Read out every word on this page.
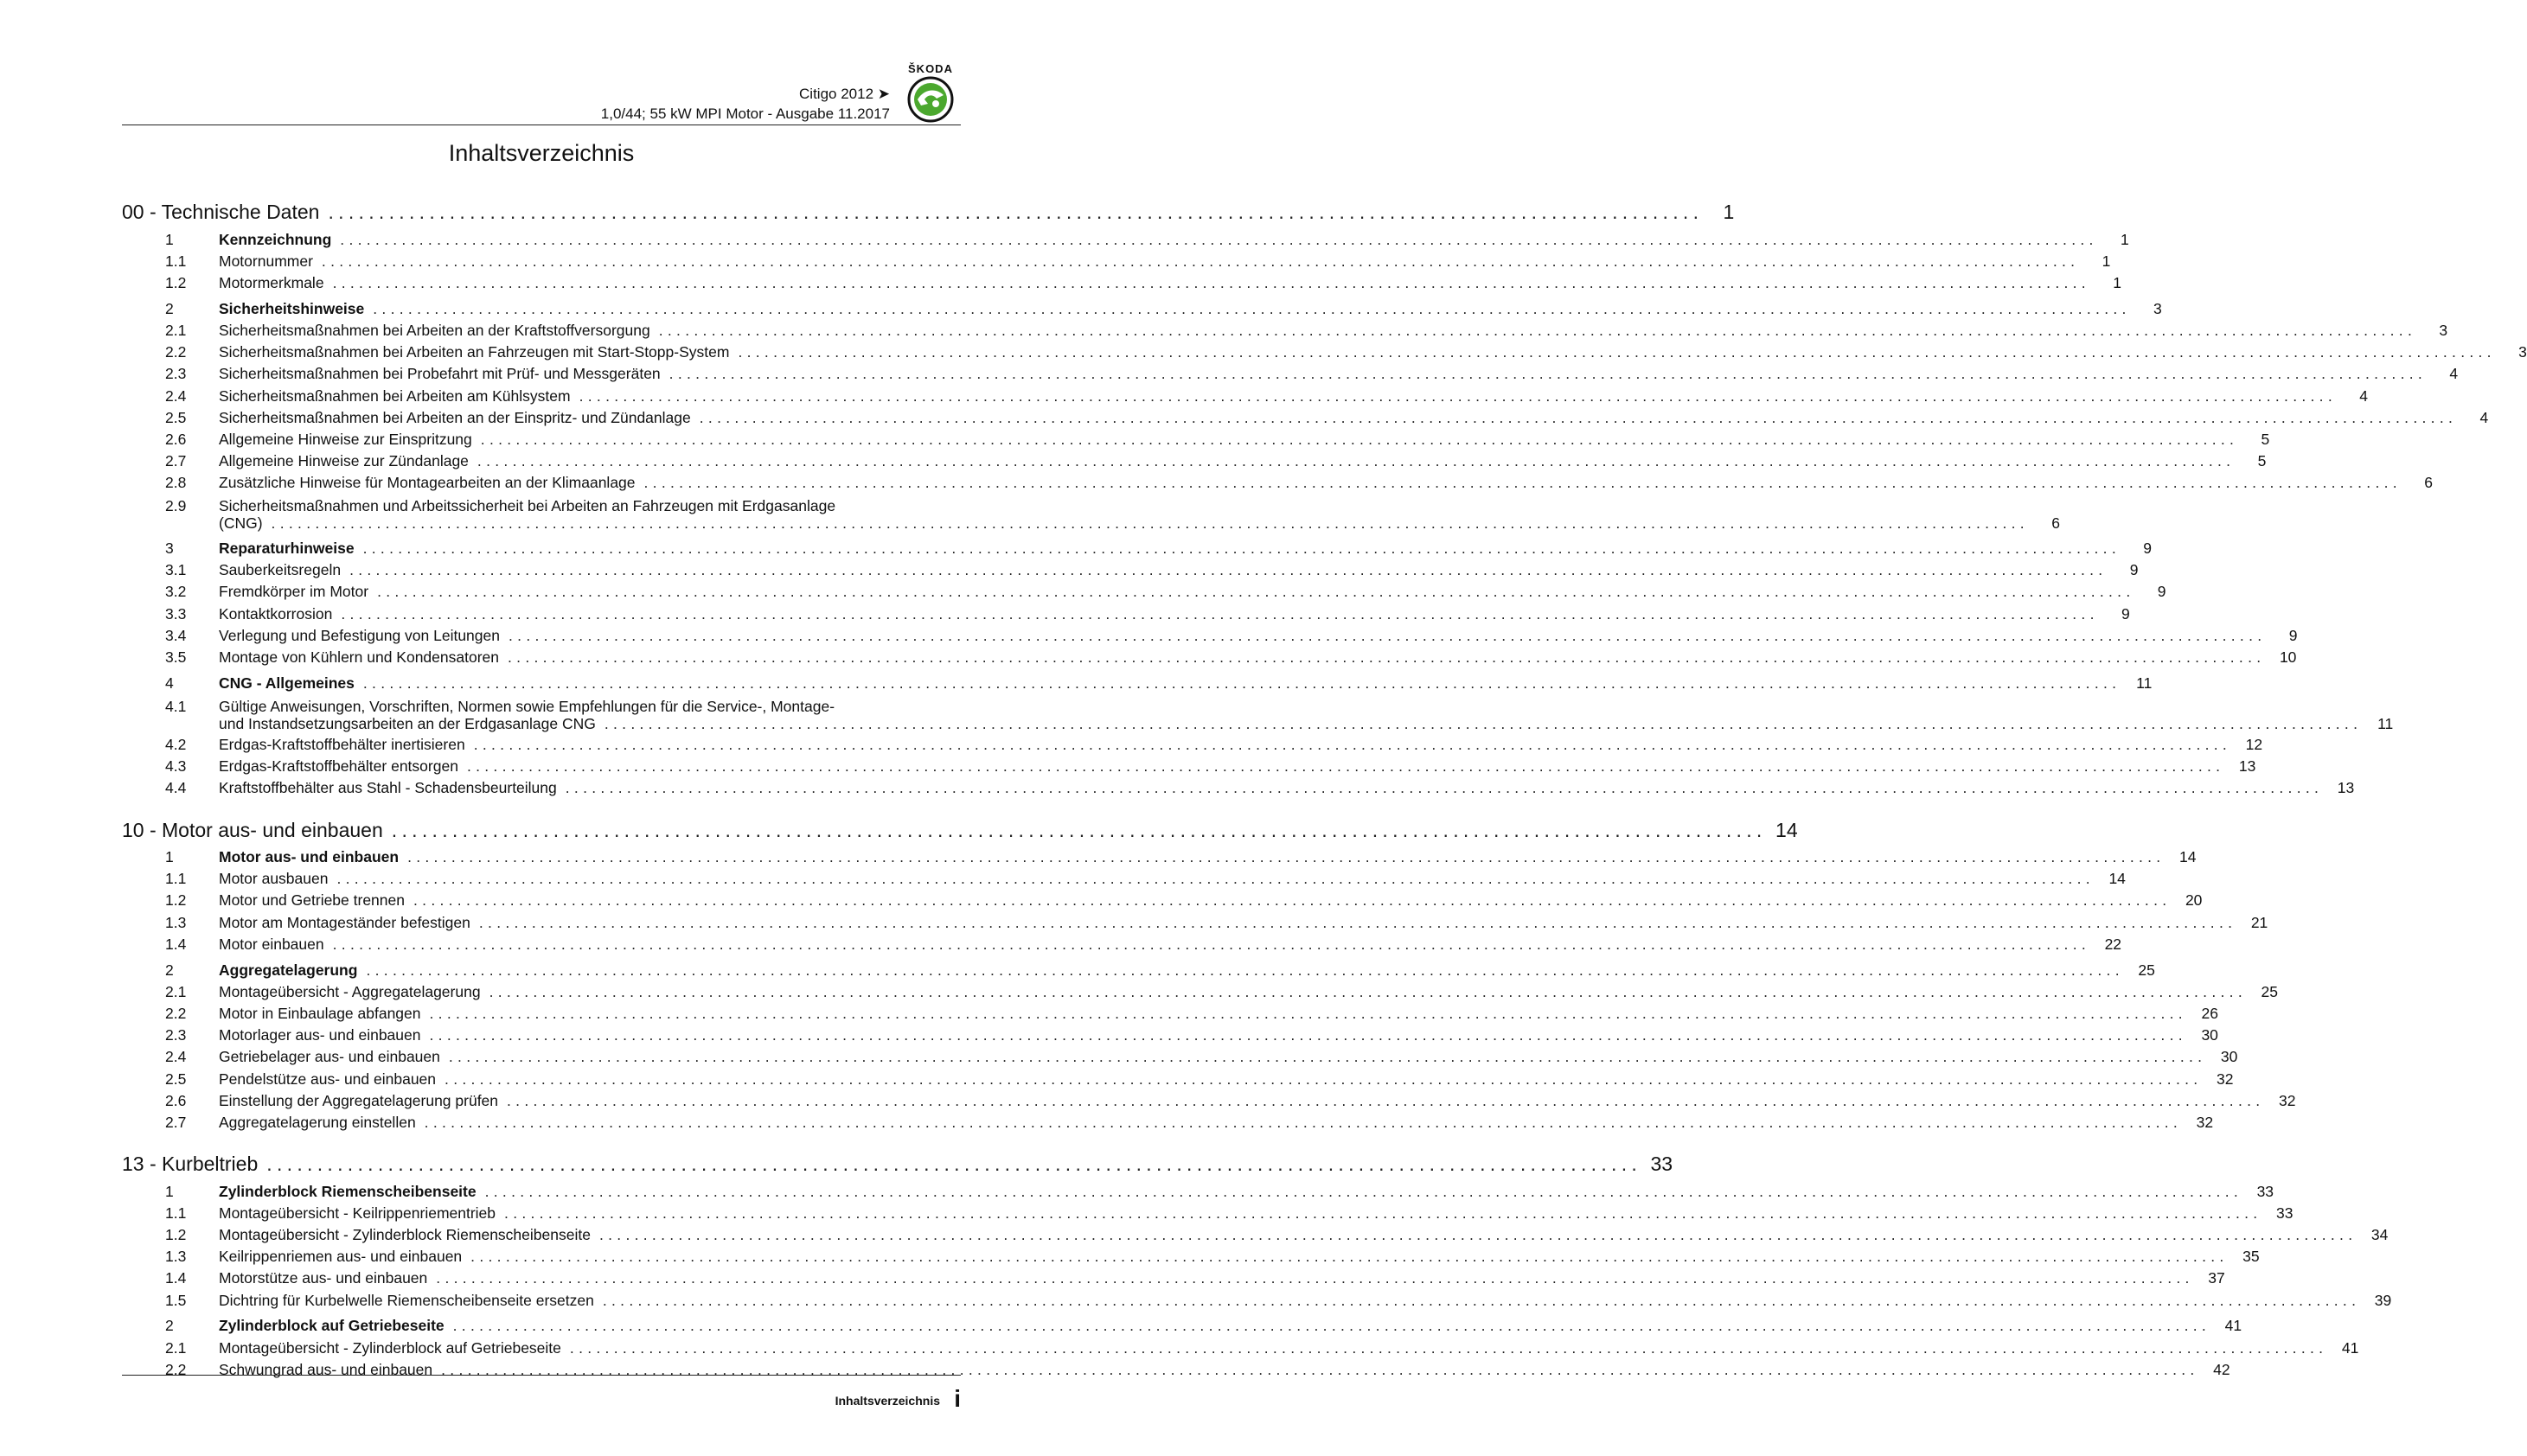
ŠKODA
Citigo 2012 ➤
1,0/44; 55 kW MPI Motor - Ausgabe 11.2017
Inhaltsverzeichnis
00 - Technische Daten ........................................................................................................................................	1
1	Kennzeichnung ........................................................................................................................................................................................................	1
1.1	Motornummer ........................................................................................................................................................................................................	1
1.2	Motormerkmale ........................................................................................................................................................................................................	1
2	Sicherheitshinweise ........................................................................................................................................................................................................	3
2.1	Sicherheitsmaßnahmen bei Arbeiten an der Kraftstoffversorgung ........................................................................................................................................................................................................	3
2.2	Sicherheitsmaßnahmen bei Arbeiten an Fahrzeugen mit Start-Stopp-System ........................................................................................................................................................................................................	3
2.3	Sicherheitsmaßnahmen bei Probefahrt mit Prüf- und Messgeräten ........................................................................................................................................................................................................	4
2.4	Sicherheitsmaßnahmen bei Arbeiten am Kühlsystem ........................................................................................................................................................................................................	4
2.5	Sicherheitsmaßnahmen bei Arbeiten an der Einspritz- und Zündanlage ........................................................................................................................................................................................................	4
2.6	Allgemeine Hinweise zur Einspritzung ........................................................................................................................................................................................................	5
2.7	Allgemeine Hinweise zur Zündanlage ........................................................................................................................................................................................................	5
2.8	Zusätzliche Hinweise für Montagearbeiten an der Klimaanlage ........................................................................................................................................................................................................	6
2.9	Sicherheitsmaßnahmen und Arbeitssicherheit bei Arbeiten an Fahrzeugen mit Erdgasanlage
(CNG) ........................................................................................................................................................................................................	6
3	Reparaturhinweise ........................................................................................................................................................................................................	9
3.1	Sauberkeitsregeln ........................................................................................................................................................................................................	9
3.2	Fremdkörper im Motor ........................................................................................................................................................................................................	9
3.3	Kontaktkorrosion ........................................................................................................................................................................................................	9
3.4	Verlegung und Befestigung von Leitungen ........................................................................................................................................................................................................	9
3.5	Montage von Kühlern und Kondensatoren ........................................................................................................................................................................................................ 10
4	CNG - Allgemeines ........................................................................................................................................................................................................	11
4.1	Gültige Anweisungen, Vorschriften, Normen sowie Empfehlungen für die Service-, Montage-
und Instandsetzungsarbeiten an der Erdgasanlage CNG ........................................................................................................................................................................................................	11
4.2	Erdgas-Kraftstoffbehälter inertisieren ........................................................................................................................................................................................................ 12
4.3	Erdgas-Kraftstoffbehälter entsorgen ........................................................................................................................................................................................................ 13
4.4	Kraftstoffbehälter aus Stahl - Schadensbeurteilung ........................................................................................................................................................................................................ 13
10 - Motor aus- und einbauen ........................................................................................................................................ 14
1	Motor aus- und einbauen ........................................................................................................................................................................................................ 14
1.1	Motor ausbauen ........................................................................................................................................................................................................ 14
1.2	Motor und Getriebe trennen ........................................................................................................................................................................................................ 20
1.3	Motor am Montageständer befestigen ........................................................................................................................................................................................................ 21
1.4	Motor einbauen ........................................................................................................................................................................................................ 22
2	Aggregatelagerung ........................................................................................................................................................................................................ 25
2.1	Montageübersicht - Aggregatelagerung ........................................................................................................................................................................................................ 25
2.2	Motor in Einbaulage abfangen ........................................................................................................................................................................................................ 26
2.3	Motorlager aus- und einbauen ........................................................................................................................................................................................................ 30
2.4	Getriebelager aus- und einbauen ........................................................................................................................................................................................................ 30
2.5	Pendelstütze aus- und einbauen ........................................................................................................................................................................................................ 32
2.6	Einstellung der Aggregatelagerung prüfen ........................................................................................................................................................................................................ 32
2.7	Aggregatelagerung einstellen ........................................................................................................................................................................................................ 32
13 - Kurbeltrieb ........................................................................................................................................ 33
1	Zylinderblock Riemenscheibenseite ........................................................................................................................................................................................................ 33
1.1	Montageübersicht - Keilrippenriementrieb ........................................................................................................................................................................................................ 33
1.2	Montageübersicht - Zylinderblock Riemenscheibenseite ........................................................................................................................................................................................................ 34
1.3	Keilrippenriemen aus- und einbauen ........................................................................................................................................................................................................ 35
1.4	Motorstütze aus- und einbauen ........................................................................................................................................................................................................ 37
1.5	Dichtring für Kurbelwelle Riemenscheibenseite ersetzen ........................................................................................................................................................................................................ 39
2	Zylinderblock auf Getriebeseite ........................................................................................................................................................................................................ 41
2.1	Montageübersicht - Zylinderblock auf Getriebeseite ........................................................................................................................................................................................................ 41
2.2	Schwungrad aus- und einbauen ........................................................................................................................................................................................................ 42
Inhaltsverzeichnis i
